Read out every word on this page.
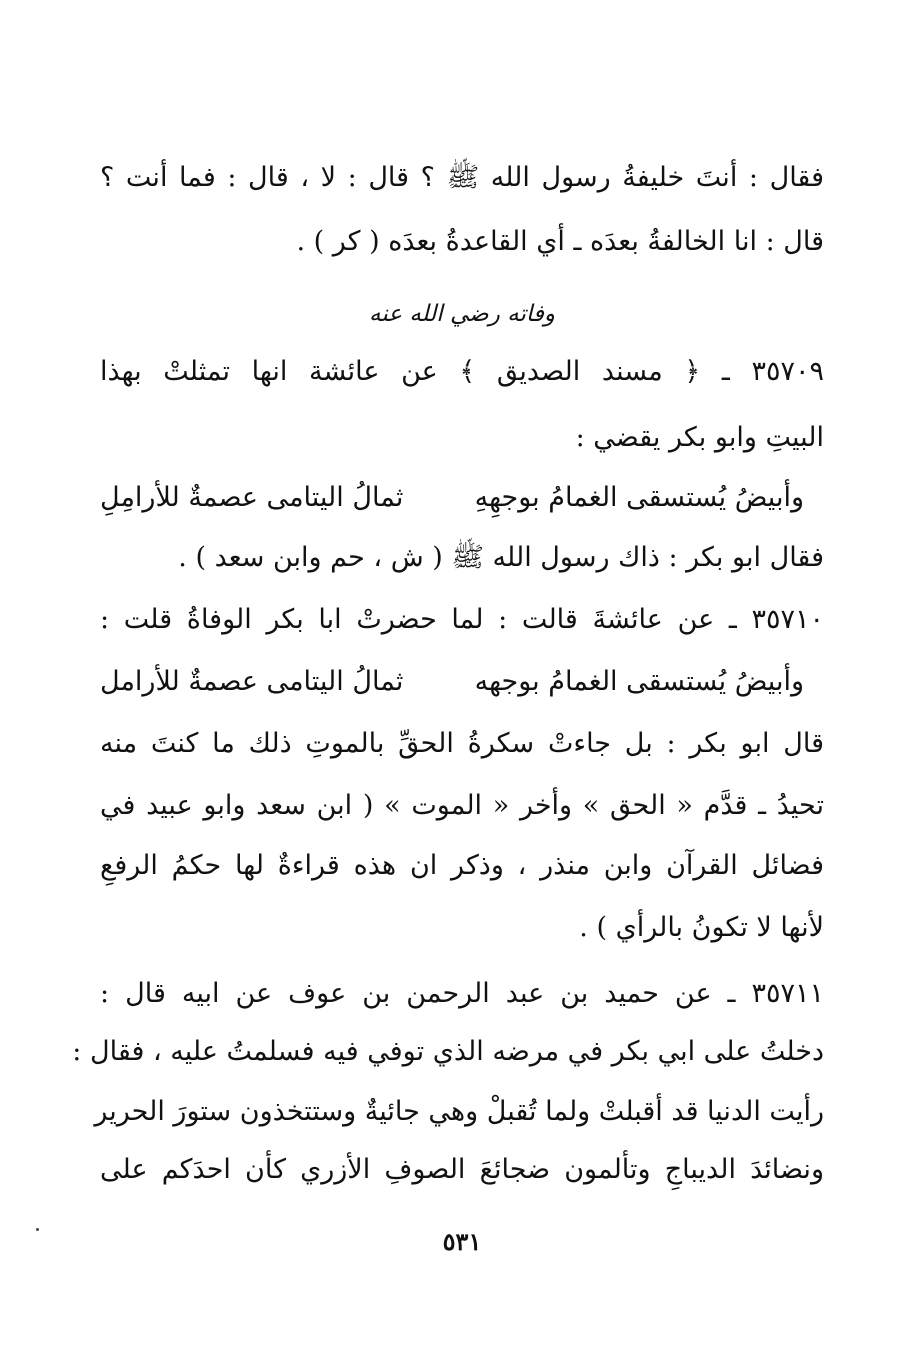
فقال : أنتَ خليفةُ رسول الله ﷺ ؟ قال : لا ، قال : فما أنت ؟
قال : انا الخالفةُ بعدَه ـ أي القاعدةُ بعدَه ( كر ) .
وفاته رضي الله عنه
٣٥٧٠٩ ـ ﴿ مسند الصديق ﴾ عن عائشة انها تمثلتْ بهذا
البيتِ وابو بكر يقضي :
وأبيضُ يُستسقى الغمامُ بوجهِهِ
ثمالُ اليتامى عصمةٌ للأرامِلِ
فقال ابو بكر : ذاك رسول الله ﷺ ( ش ، حم وابن سعد ) .
٣٥٧١٠ ـ عن عائشةَ قالت : لما حضرتْ ابا بكر الوفاةُ قلت :
وأبيضُ يُستسقى الغمامُ بوجهه
ثمالُ اليتامى عصمةٌ للأرامل
قال ابو بكر : بل جاءتْ سكرةُ الحقِّ بالموتِ ذلك ما كنتَ منه
تحيدُ ـ قدَّم « الحق » وأخر « الموت » ( ابن سعد وابو عبيد في
فضائل القرآن وابن منذر ، وذكر ان هذه قراءةٌ لها حكمُ الرفعِ
لأنها لا تكونُ بالرأي ) .
٣٥٧١١ ـ عن حميد بن عبد الرحمن بن عوف عن ابيه قال :
دخلتُ على ابي بكر في مرضه الذي توفي فيه فسلمتُ عليه ، فقال :
رأيت الدنيا قد أقبلتْ ولما تُقبلْ وهي جائيةٌ وستتخذون ستورَ الحرير
ونضائدَ الديباجِ وتألمون ضجائعَ الصوفِ الأزري كأن احدَكم على
٥٣١
